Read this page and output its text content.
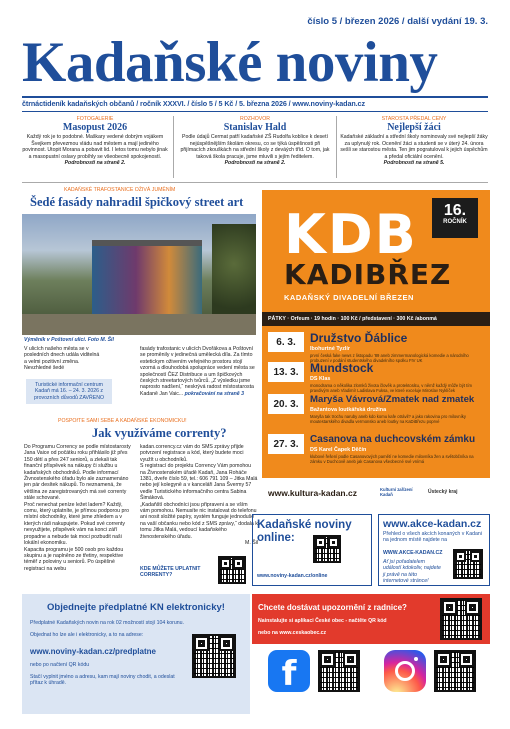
číslo 5 / březen 2026 / další vydání 19. 3.
Kadaňské noviny
čtrnáctideník kadaňských občanů / ročník XXXVI. / číslo 5 / 5 Kč / 5. března 2026 / www.noviny-kadan.cz
FOTOGALERIE
Masopust 2026
Každý rok je to podobné. Maškary vedené dobrým vojákem Švejkem převezmou vládu nad městem a mají jediného povinnost. Utopit Morana a pobavit lid. I letos tomu nebylo jinak a masopustní oslavy probíhly se všeobecně spokojeností.
Podrobnosti na straně 2.
ROZHOVOR
Stanislav Hald
Podle údajů Cermat patří kadaňské ZŠ Rudolfa koblice k desetí nejúspěšnějším školám okresu, co se týká úspěšnosti při přijímacích zkouškách na střední školy z deváých tříd. O tom, jak taková škola pracuje, jsme mluvili s jejím ředitelem.
Podrobnosti na straně 2.
STAROSTA PŘEDAL CENY
Nejlepší žáci
Kadaňské základní a střední školy nominovaly své nejlepší žáky za uplynulý rok. Ocenění žáci a studenti se v úterý 24. února sešli se starostou města. Ten jim pogratuloval k jejich úspěchům a předal oficiální ocenění.
Podrobnosti na straně 5.
KADAŇSKÉ TRAFOSTANICE OŽIVÁ JUMĚNÍM
Šedé fasády nahradil špičkový street art
Výměník v Poštovní ulici. Foto M. Šil
V ulicích našeho města se v posledních dnech udála viditelná a velmi pozitivní změna. Nevzhledné šedé
fasády trafostanic v ulicích Dvořákova a Poštovní se proměnily v jedinečná umělecká díla. Za tímto estetickym oživením veřejného prostoru stojí vzorná a dlouhodobá spolupráce vedení města se společností ČEZ Distribuce a um špičkových českých streetartových tvůrců. „Z výsledku jsme naprosto nadšení,“ neskrývá radost místostarosta Kadaně Jan Vaic... pokračování na straně 3
Turistické informační centrum Kadaň má 16. – 24. 3. 2026 z provozních důvodů ZAVŘENO
POSPOřTE SAMI SEBE A KADAŇSKÉ EKONOMICKU!
Jak využíváme correnty?
Do Programu Correncу se podle místostarosty Jana Vaice od počátku roku přihlásilo již přes 150 dětí a přes 247 seniorů, a zlekali tak finanční příspěvek na nákupy či službu u kadaňských obchodníků. Podle informací Živnostenského úřadu bylo ale zaznamenáno jen pár desítek nákupů. To neznamená, že většina ze zaregistrovaných má své correnty stále schované.
Proč nenechat peníze ležet ladem? Každý, comu, který uplatníte, je přímou podporou pro místní obchodníky, které jsme zhledem a v kterých rádi nakupujete. Pokud své correnty nevyužijete, přispěvek vám na konci září propadne a nebude tak moci pozbudit naši lokální ekonomiku.
Kapacita programu je 500 osob pro každou skupinu a je naplněno ze třetiny, respektive téměř z poloviny u seniorů. Po úspěšné registraci na webu
kadan.corrency.cz vám do SMS zprávy přijde potvrzení registrace a kód, který budete moci využít u obchodníků.
S registrací do projektu Corrency Vám pomohou na Živnostenském úřadě Kadaň, Jana Roháče 1381, dveře číslo 59, tel.: 606 791 109 – Jitka Malá nebo její kolegyně a v kanceláři Jana Švermy 57 vedle Turistického informačního centra Sabina Šimáková.
„Kadaňští obchodníci jsou připraveni a se vším vám pomohou. Nemusíte nic instalovat do telefonu ani nosit složité papíry, systém funguje jednoduše na vaší občanku nebo kód z SMS zprávy,“ dodala k tomu Jitka Malá, vedoucí kadaňského živnostenského úřadu.
M. Šil
KDE MŮŽETE UPLATNIT CORRENTY?
KDB
KADIBŘEZ
16.
ROČNÍK
KADAŇSKÝ DIVADELNÍ BŘEZEN
PÁTKY · Orfeum · 19 hodin · 100 Kč / představení · 300 Kč /abonmá
6. 3.	Družstvo Ďáblice
Ibohurtné Tyzlír
první česká fake news z listopadu ’89 aneb zimmermanologická komedie a národního probuzení v podání studentského divadelního spolku FIV UK
13. 3. Mundstock
DS Klas
monodrama o několika zlomků života člověk a protektorátu, v němž každý může být tím pravdivým aneb Vladimír Ladislava Fuksa, ve které exceluje Miroslav Nyklíček
20. 3.	Maryša Vávrová/Zmatek nad zmatek
Bažantova loutkářská družina
Maryša tak trochu naruby aneb kdo komu kafe otrávil? a jako rakovina pro milovníky moutestarského divadla vermonsko aneb loutky na KaDiBřezu poprvé
27. 3.	Casanova na duchcovském zámku
DS Karel Čapek Děčín
klubové řešení podle Casanovových pamětí ne komedie milovníka žen a světobčníka na zámku v Duchcově aneb jak Casanova všeobecné své vnímá
www.kultura-kadan.cz	Kulturní zařízení Kadaň	Ústecký kraj
Kadaňské noviny online:
www.noviny-kadan.cz/online
www.akce-kadan.cz
Přehled o všech akcích konaných v Kadani na jednom místě najdete na
WWW.AKCE-KADAN.CZ
Ať jsi pořadatelem událostí kdokoliv, najdete ji právě na této internetové stránce!
Objednejte předplatné KN elektronicky!
Předplatné Kadaňských novin na rok 02 možností stojí 104 korunu.
Objednat ho lze ale i elektronicky, a to na adrese:
www.noviny-kadan.cz/predplatne
nebo po načtení QR kódu
Stačí vyplnit jméno a adresu, kam mají noviny chodit, a odeslat přítaz k úhradě.
Chcete dostávat upozornění z radnice?
Nainstalujte si aplikaci České obec - načtěte QR kód
nebo na www.ceskaobec.cz
f
